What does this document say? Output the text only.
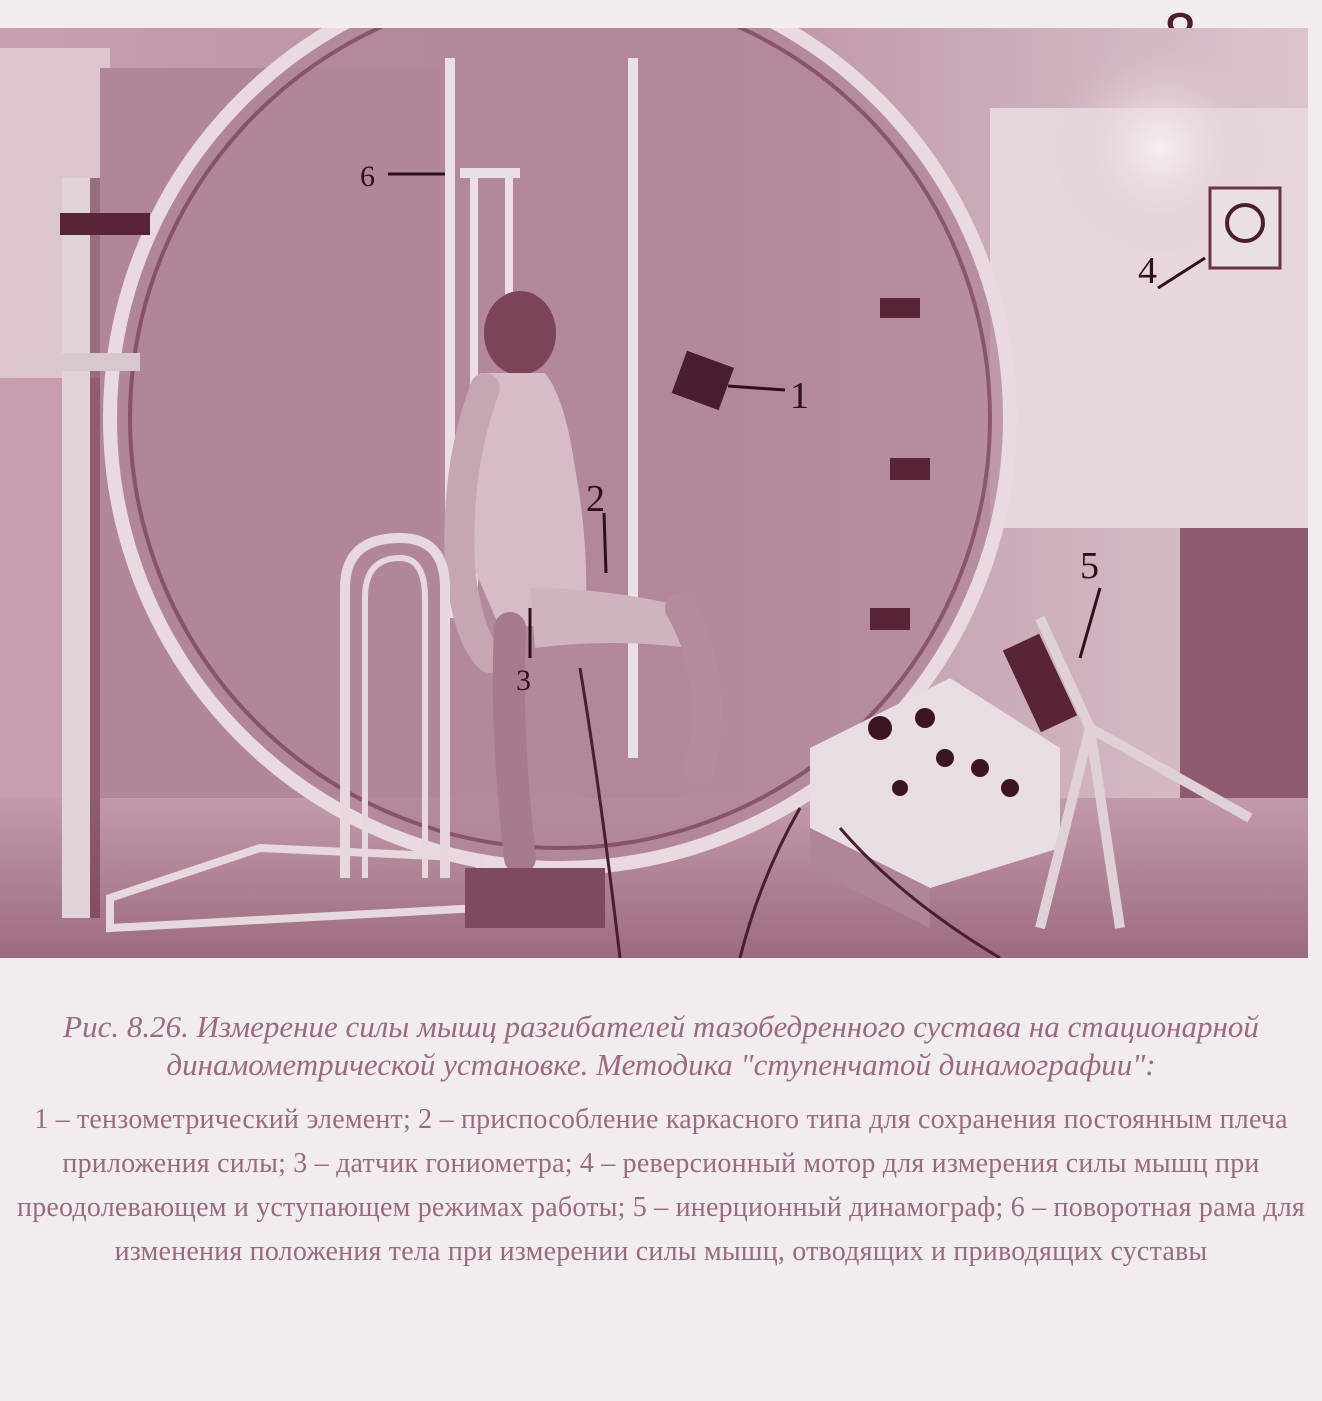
1
2
3
4
5
6

Рис. 8.26. Измерение силы мышц разгибателей тазобедренного сустава на стационарной динамометрической установке. Методика "ступенчатой динамографии":

1 – тензометрический элемент; 2 – приспособление каркасного типа для сохранения постоянным плеча приложения силы; 3 – датчик гониометра; 4 – реверсионный мотор для измерения силы мышц при преодолевающем и уступающем режимах работы; 5 – инерционный динамограф; 6 – поворотная рама для изменения положения тела при измерении силы мышц, отводящих и приводящих суставы
